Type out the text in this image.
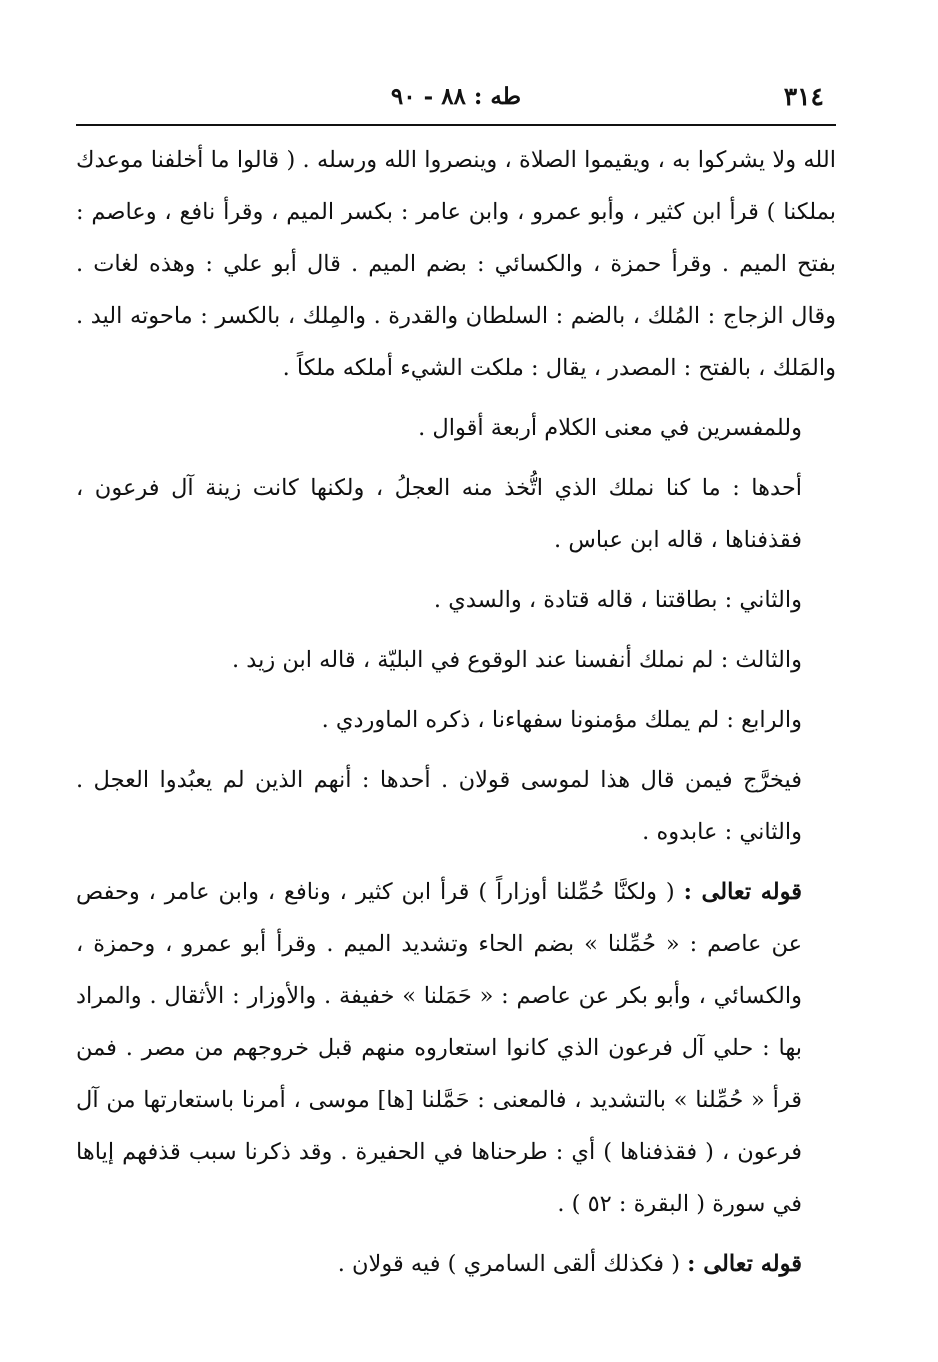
٣١٤
طه : ٨٨ - ٩٠

الله ولا يشركوا به ، ويقيموا الصلاة ، وينصروا الله ورسله . ( قالوا ما أخلفنا موعدك بملكنا ) قرأ ابن كثير ، وأبو عمرو ، وابن عامر : بكسر الميم ، وقرأ نافع ، وعاصم : بفتح الميم . وقرأ حمزة ، والكسائي : بضم الميم . قال أبو علي : وهذه لغات . وقال الزجاج : المُلك ، بالضم : السلطان والقدرة . والمِلك ، بالكسر : ماحوته اليد . والمَلك ، بالفتح : المصدر ، يقال : ملكت الشيء أملكه ملكاً .

وللمفسرين في معنى الكلام أربعة أقوال .

أحدها : ما كنا نملك الذي اتُّخذ منه العجلُ ، ولكنها كانت زينة آل فرعون ، فقذفناها ، قاله ابن عباس .

والثاني : بطاقتنا ، قاله قتادة ، والسدي .

والثالث : لم نملك أنفسنا عند الوقوع في البليّة ، قاله ابن زيد .

والرابع : لم يملك مؤمنونا سفهاءنا ، ذكره الماوردي .

فيخرَّج فيمن قال هذا لموسى قولان . أحدها : أنهم الذين لم يعبُدوا العجل . والثاني : عابدوه .

قوله تعالى : ( ولكنَّا حُمِّلنا أوزاراً ) قرأ ابن كثير ، ونافع ، وابن عامر ، وحفص عن عاصم : « حُمِّلنا » بضم الحاء وتشديد الميم . وقرأ أبو عمرو ، وحمزة ، والكسائي ، وأبو بكر عن عاصم : « حَمَلنا » خفيفة . والأوزار : الأثقال . والمراد بها : حلي آل فرعون الذي كانوا استعاروه منهم قبل خروجهم من مصر . فمن قرأ « حُمِّلنا » بالتشديد ، فالمعنى : حَمَّلنا [ها] موسى ، أمرنا باستعارتها من آل فرعون ، ( فقذفناها ) أي : طرحناها في الحفيرة . وقد ذكرنا سبب قذفهم إياها في سورة ( البقرة : ٥٢ ) .

قوله تعالى : ( فكذلك ألقى السامري ) فيه قولان .
